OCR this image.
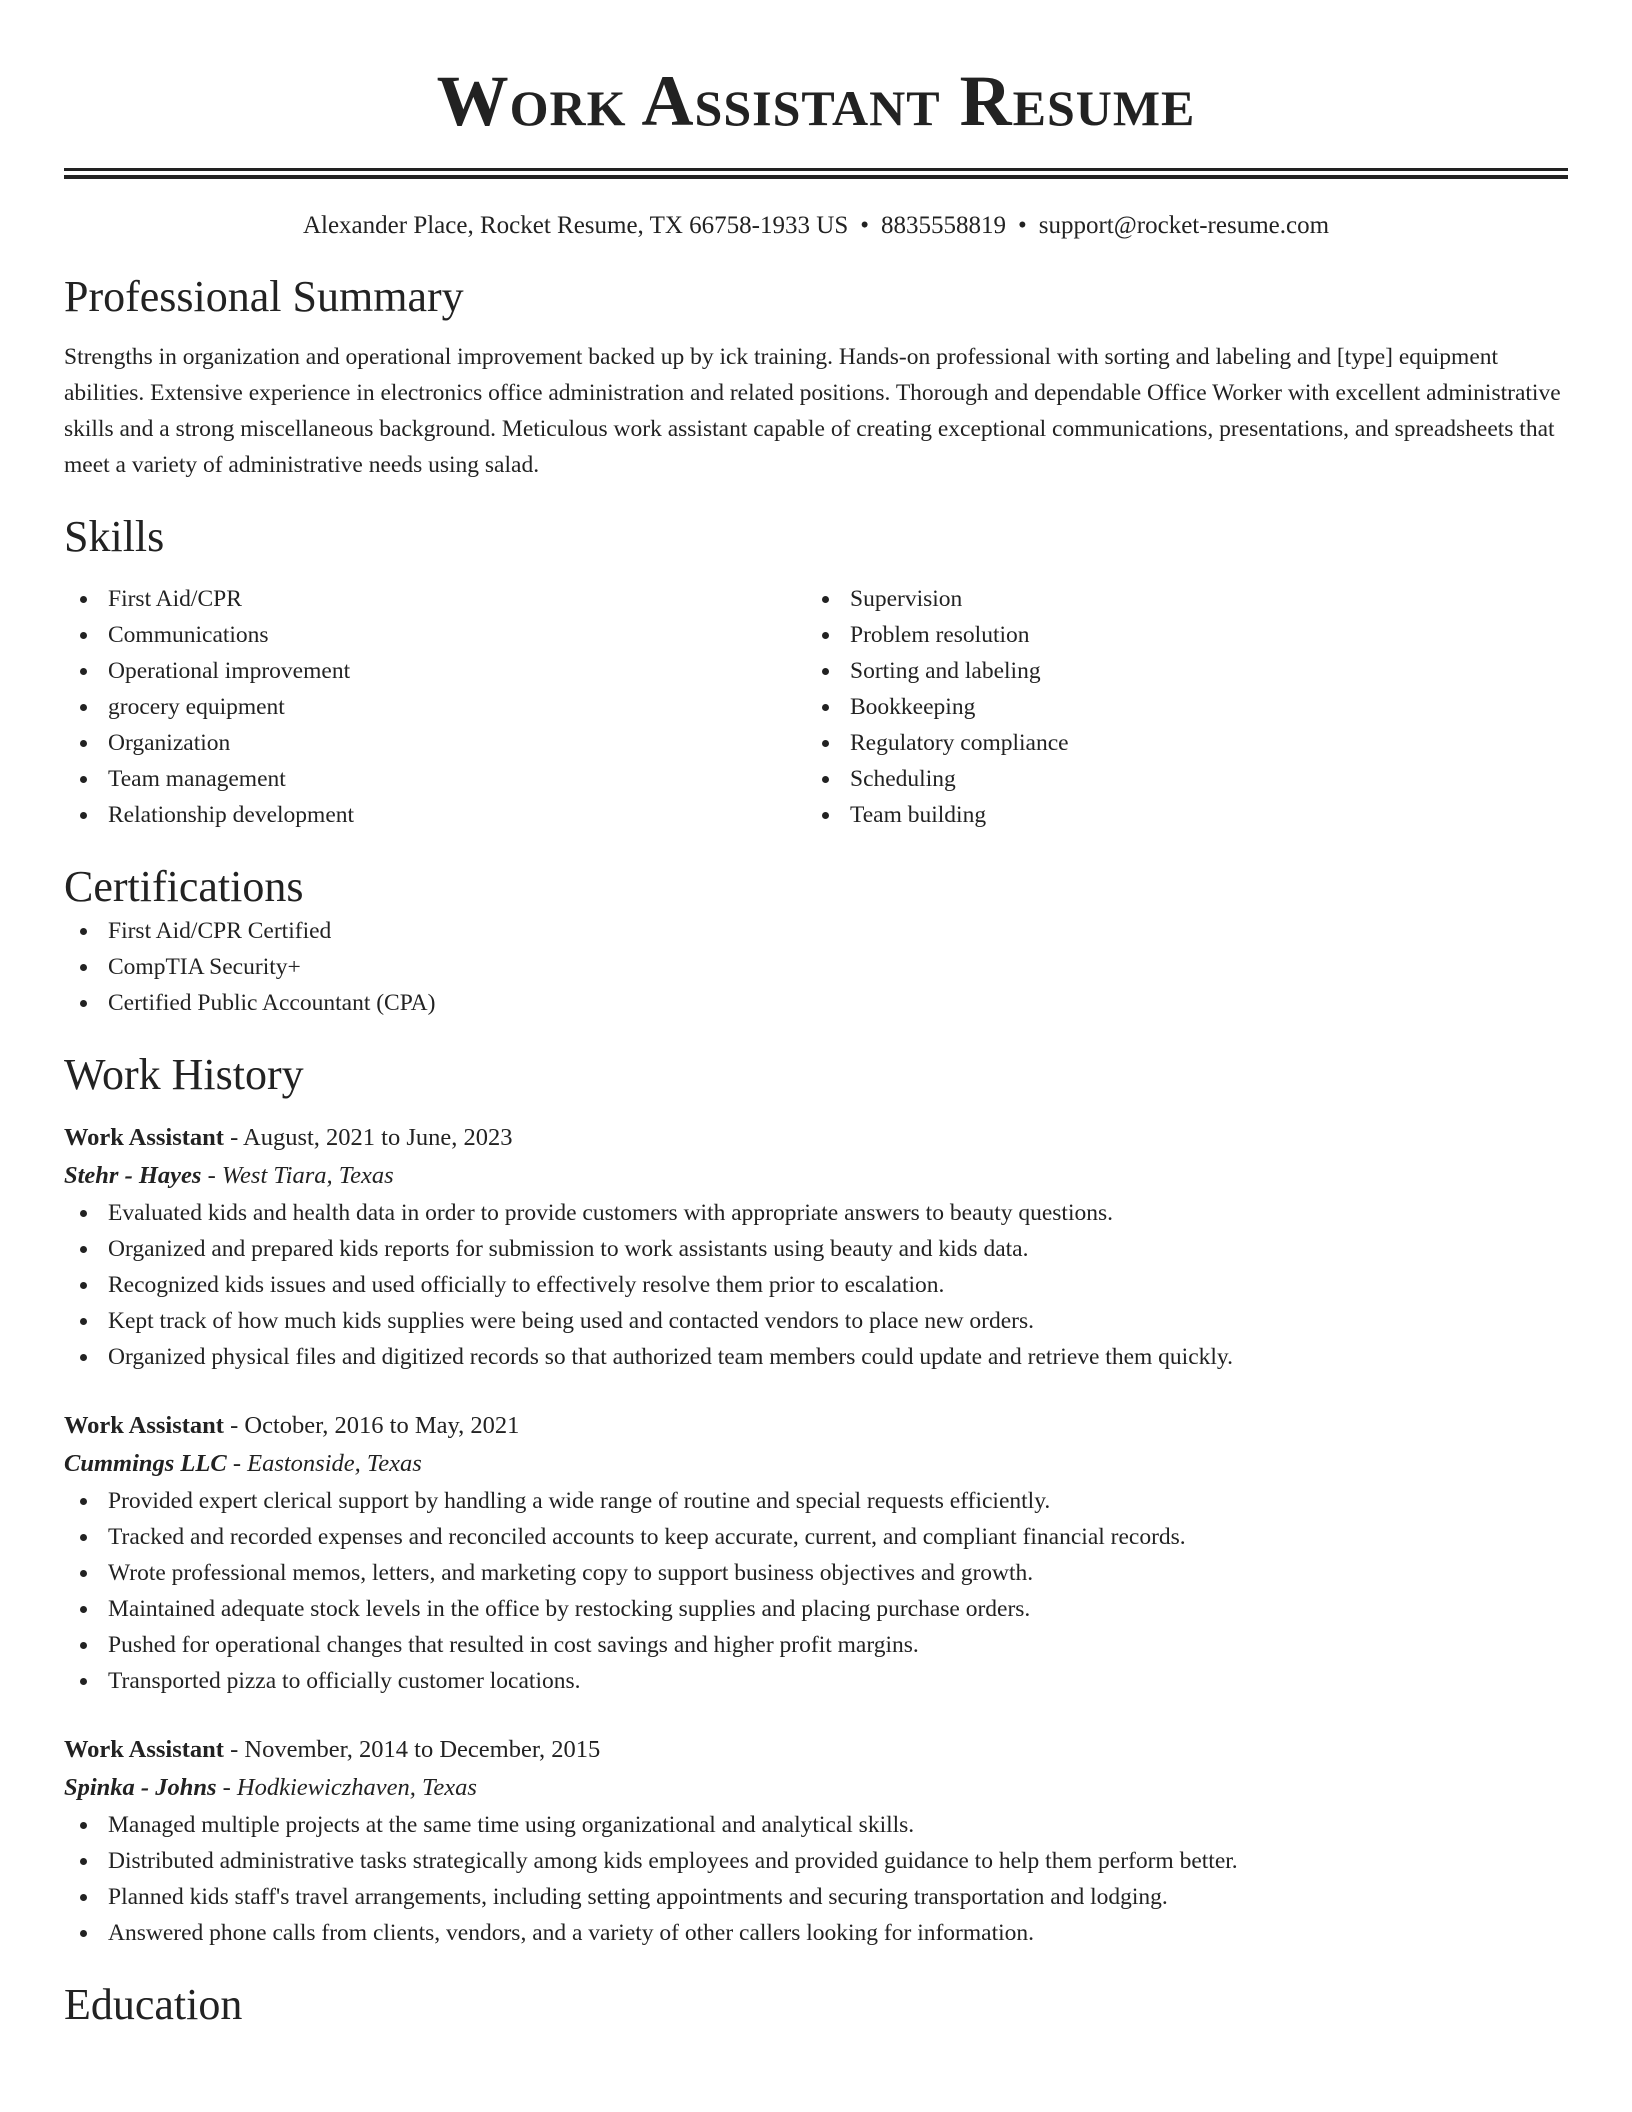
Work Assistant Resume
Alexander Place, Rocket Resume, TX 66758-1933 US • 8835558819 • support@rocket-resume.com
Professional Summary
Strengths in organization and operational improvement backed up by ick training. Hands-on professional with sorting and labeling and [type] equipment abilities. Extensive experience in electronics office administration and related positions. Thorough and dependable Office Worker with excellent administrative skills and a strong miscellaneous background. Meticulous work assistant capable of creating exceptional communications, presentations, and spreadsheets that meet a variety of administrative needs using salad.
Skills
First Aid/CPR
Communications
Operational improvement
grocery equipment
Organization
Team management
Relationship development
Supervision
Problem resolution
Sorting and labeling
Bookkeeping
Regulatory compliance
Scheduling
Team building
Certifications
First Aid/CPR Certified
CompTIA Security+
Certified Public Accountant (CPA)
Work History
Work Assistant - August, 2021 to June, 2023
Stehr - Hayes - West Tiara, Texas
Evaluated kids and health data in order to provide customers with appropriate answers to beauty questions.
Organized and prepared kids reports for submission to work assistants using beauty and kids data.
Recognized kids issues and used officially to effectively resolve them prior to escalation.
Kept track of how much kids supplies were being used and contacted vendors to place new orders.
Organized physical files and digitized records so that authorized team members could update and retrieve them quickly.
Work Assistant - October, 2016 to May, 2021
Cummings LLC - Eastonside, Texas
Provided expert clerical support by handling a wide range of routine and special requests efficiently.
Tracked and recorded expenses and reconciled accounts to keep accurate, current, and compliant financial records.
Wrote professional memos, letters, and marketing copy to support business objectives and growth.
Maintained adequate stock levels in the office by restocking supplies and placing purchase orders.
Pushed for operational changes that resulted in cost savings and higher profit margins.
Transported pizza to officially customer locations.
Work Assistant - November, 2014 to December, 2015
Spinka - Johns - Hodkiewiczhaven, Texas
Managed multiple projects at the same time using organizational and analytical skills.
Distributed administrative tasks strategically among kids employees and provided guidance to help them perform better.
Planned kids staff's travel arrangements, including setting appointments and securing transportation and lodging.
Answered phone calls from clients, vendors, and a variety of other callers looking for information.
Education
